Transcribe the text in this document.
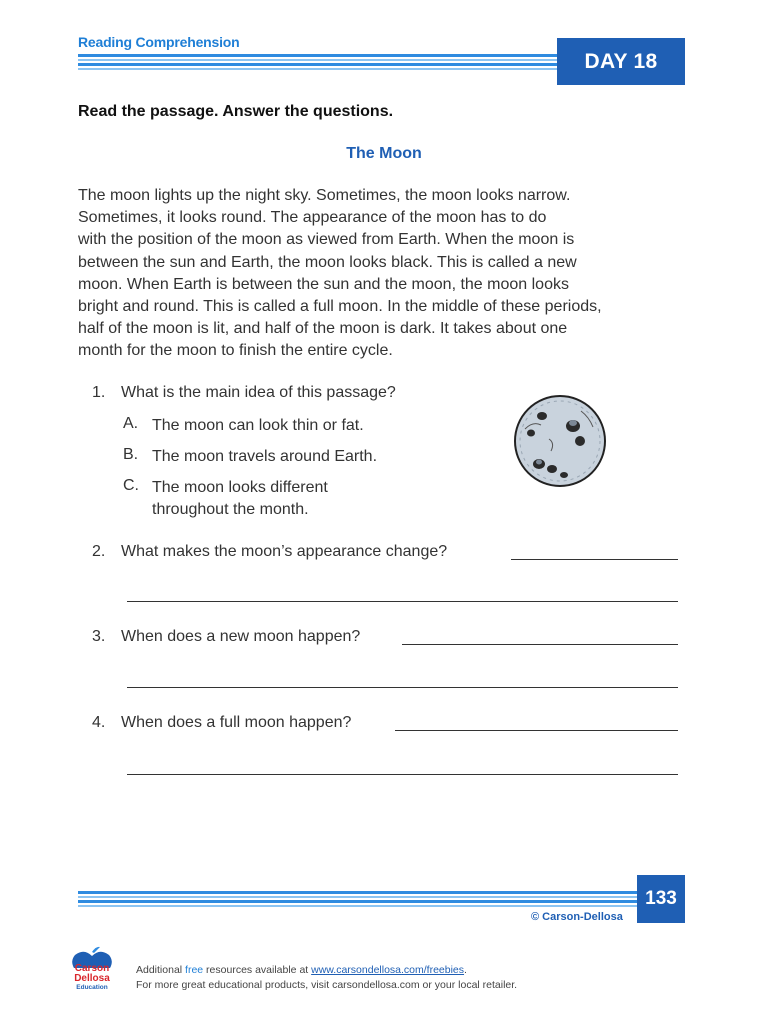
Reading Comprehension
DAY 18
Read the passage. Answer the questions.
The Moon
The moon lights up the night sky. Sometimes, the moon looks narrow.
Sometimes, it looks round. The appearance of the moon has to do
with the position of the moon as viewed from Earth. When the moon is
between the sun and Earth, the moon looks black. This is called a new
moon. When Earth is between the sun and the moon, the moon looks
bright and round. This is called a full moon. In the middle of these periods,
half of the moon is lit, and half of the moon is dark. It takes about one
month for the moon to finish the entire cycle.
1. What is the main idea of this passage?
A. The moon can look thin or fat.
B. The moon travels around Earth.
C. The moon looks different
throughout the month.
2. What makes the moon’s appearance change?
3. When does a new moon happen?
4. When does a full moon happen?
133
© Carson-Dellosa
Carson
Dellosa
Education
Additional free resources available at www.carsondellosa.com/freebies.
For more great educational products, visit carsondellosa.com or your local retailer.
